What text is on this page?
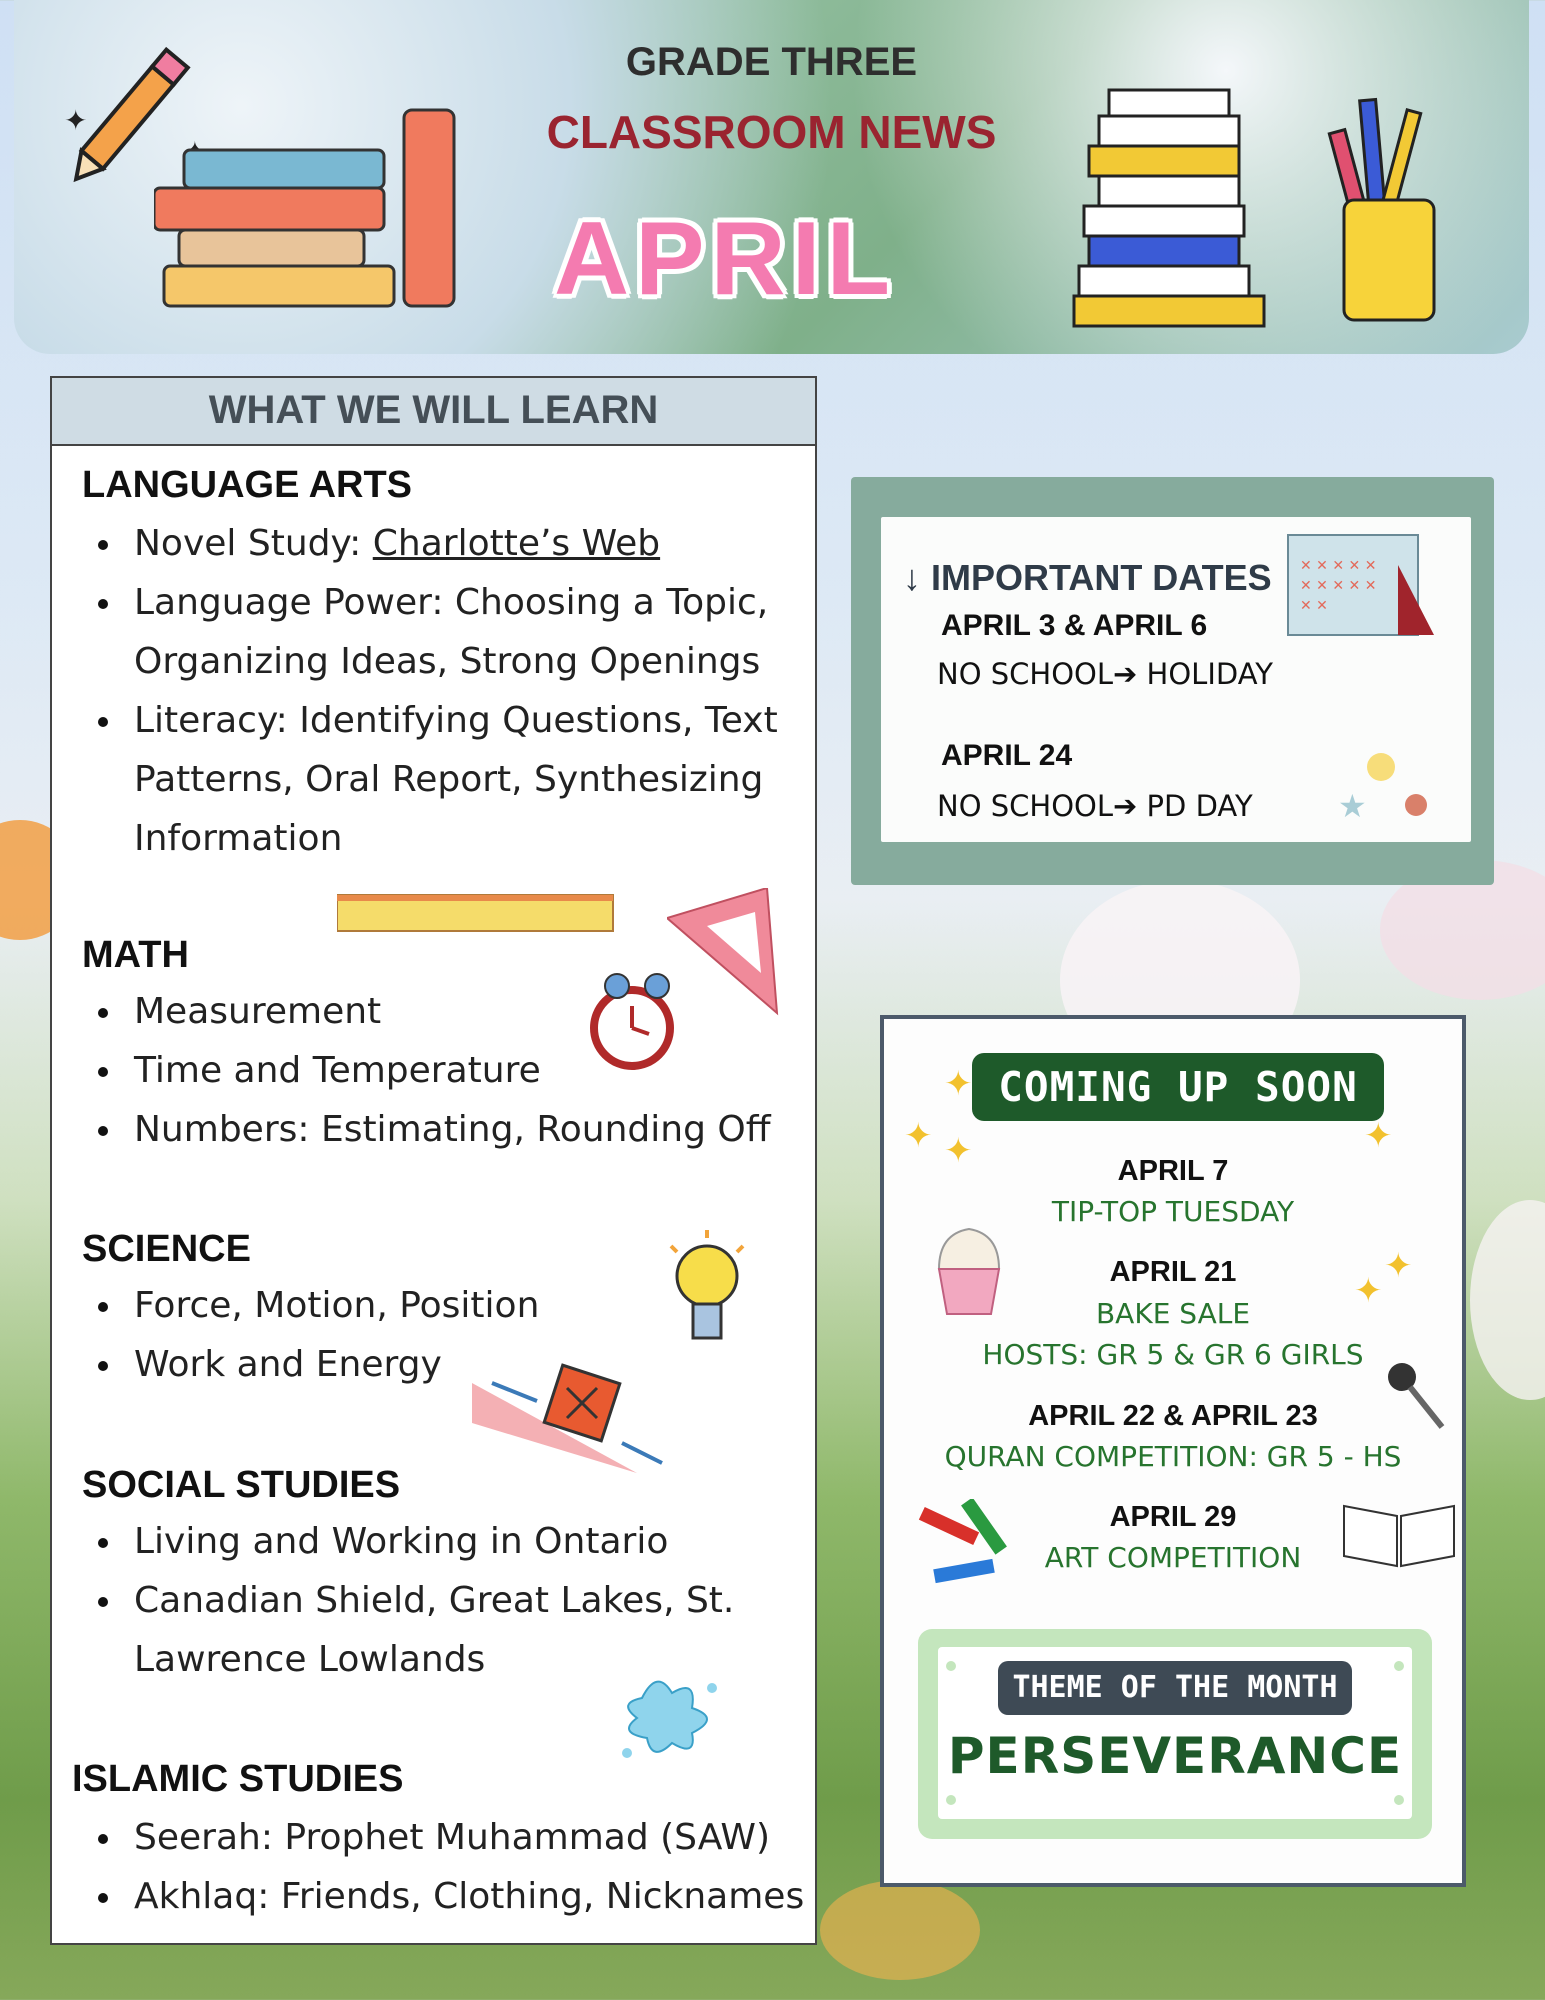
GRADE THREE
CLASSROOM NEWS
APRIL
✦
WHAT WE WILL LEARN
LANGUAGE ARTS
Novel Study: Charlotte’s Web
Language Power: Choosing a Topic,
Organizing Ideas, Strong Openings
Literacy: Identifying Questions, Text
Patterns, Oral Report, Synthesizing
Information
MATH
Measurement
Time and Temperature
Numbers: Estimating, Rounding Off
SCIENCE
Force, Motion, Position
Work and Energy
SOCIAL STUDIES
Living and Working in Ontario
Canadian Shield, Great Lakes, St.
Lawrence Lowlands
ISLAMIC STUDIES
Seerah: Prophet Muhammad (SAW)
Akhlaq: Friends, Clothing, Nicknames
↓ IMPORTANT DATES
APRIL 3 & APRIL 6
NO SCHOOL➔ HOLIDAY
APRIL 24
NO SCHOOL➔ PD DAY
✕ ✕ ✕ ✕ ✕
✕ ✕ ✕ ✕ ✕
✕ ✕
★
COMING UP SOON
✦
✦ ✦	✦
✦
✦
APRIL 7
TIP-TOP TUESDAY
APRIL 21
BAKE SALE
HOSTS: GR 5 & GR 6 GIRLS
APRIL 22 & APRIL 23
QURAN COMPETITION: GR 5 - HS
APRIL 29
ART COMPETITION
THEME OF THE MONTH
PERSEVERANCE
